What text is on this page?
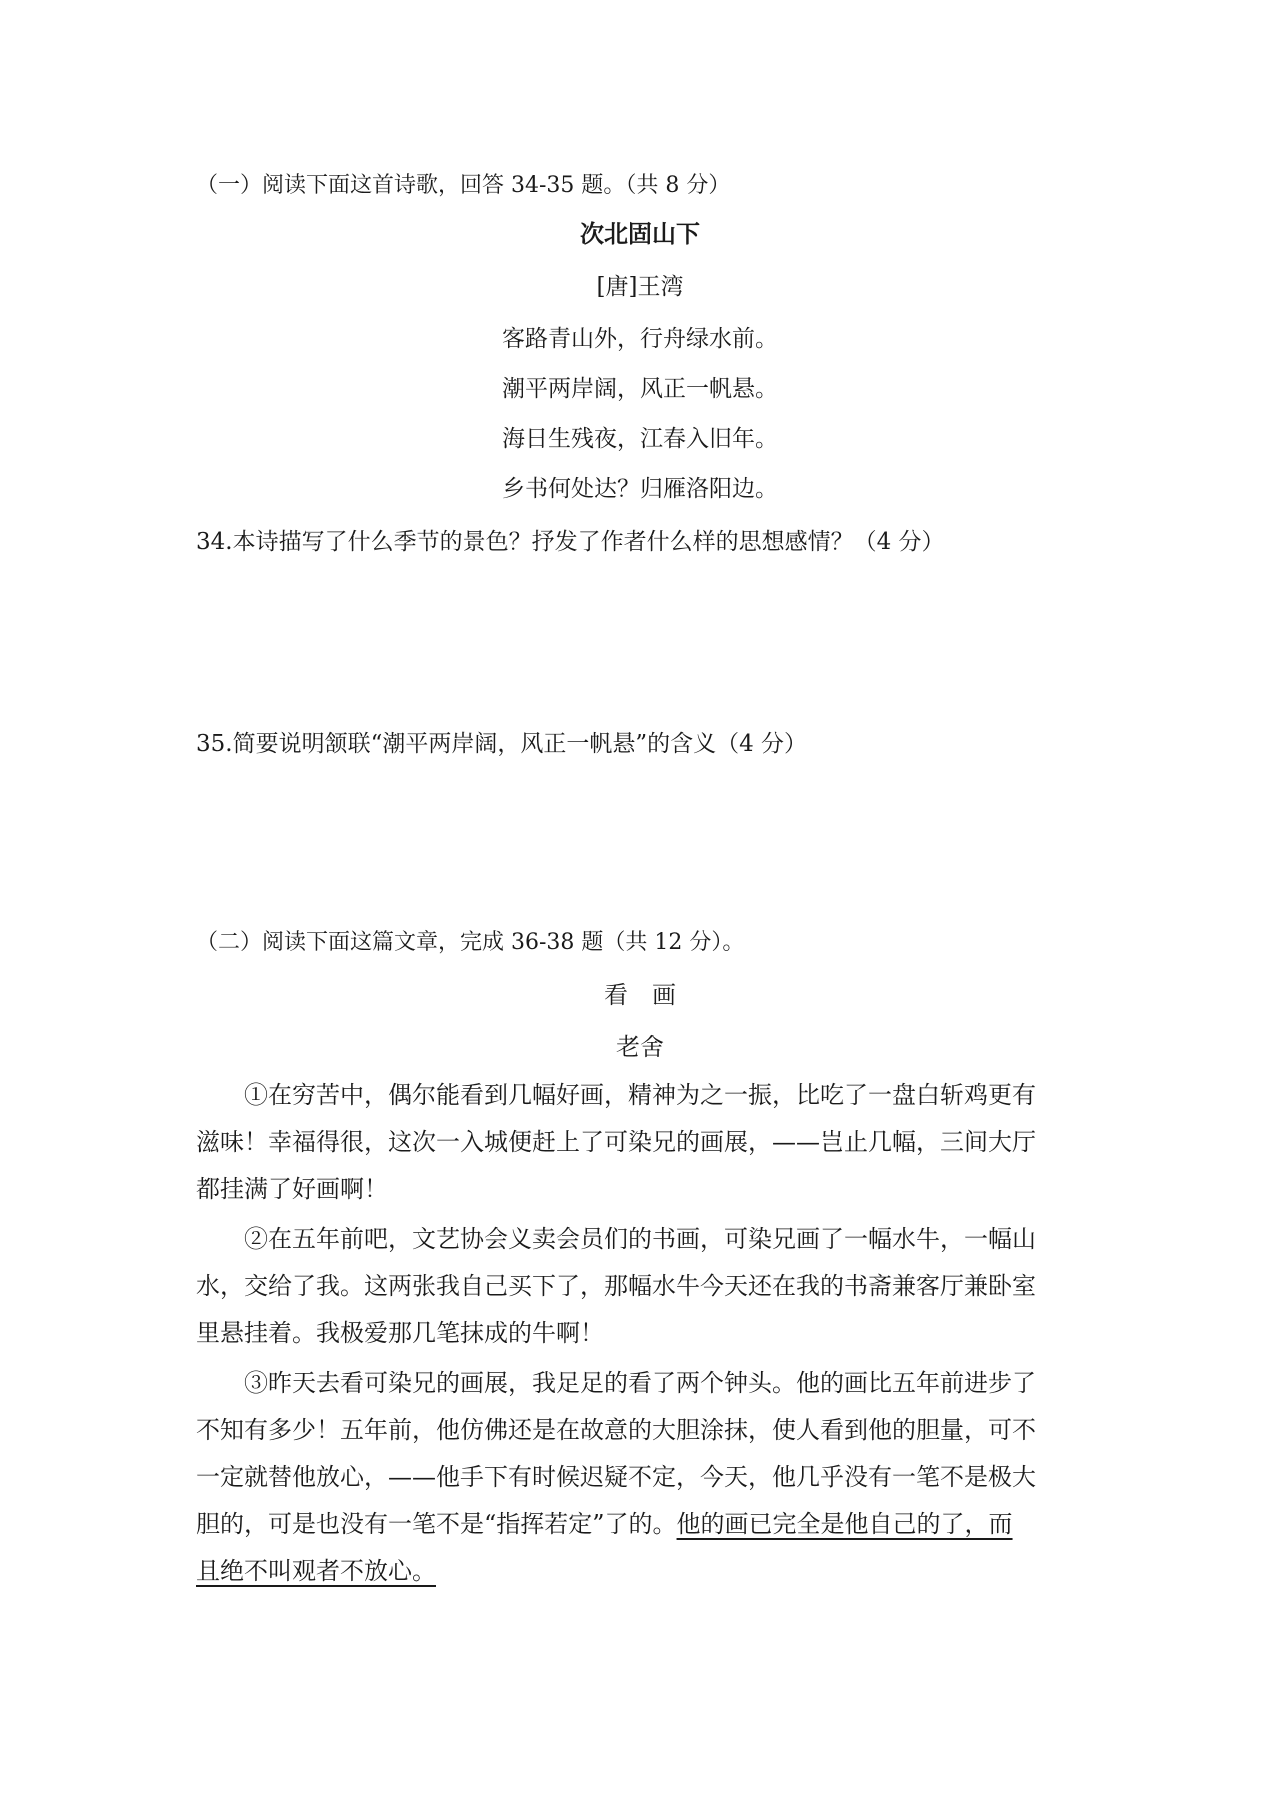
（一）阅读下面这首诗歌，回答 34-35 题。（共 8 分）
次北固山下
[唐]王湾
客路青山外，行舟绿水前。
潮平两岸阔，风正一帆悬。
海日生残夜，江春入旧年。
乡书何处达？归雁洛阳边。
34.本诗描写了什么季节的景色？抒发了作者什么样的思想感情？（4 分）
35.简要说明颔联“潮平两岸阔，风正一帆悬”的含义（4 分）
（二）阅读下面这篇文章，完成 36-38 题（共 12 分）。
看　画
老舍
①在穷苦中，偶尔能看到几幅好画，精神为之一振，比吃了一盘白斩鸡更有
滋味！幸福得很，这次一入城便赶上了可染兄的画展，——岂止几幅，三间大厅
都挂满了好画啊！
②在五年前吧，文艺协会义卖会员们的书画，可染兄画了一幅水牛，一幅山
水，交给了我。这两张我自己买下了，那幅水牛今天还在我的书斋兼客厅兼卧室
里悬挂着。我极爱那几笔抹成的牛啊！
③昨天去看可染兄的画展，我足足的看了两个钟头。他的画比五年前进步了
不知有多少！五年前，他仿佛还是在故意的大胆涂抹，使人看到他的胆量，可不
一定就替他放心，——他手下有时候迟疑不定，今天，他几乎没有一笔不是极大
胆的，可是也没有一笔不是“指挥若定”了的。他的画已完全是他自己的了，而
且绝不叫观者不放心。
